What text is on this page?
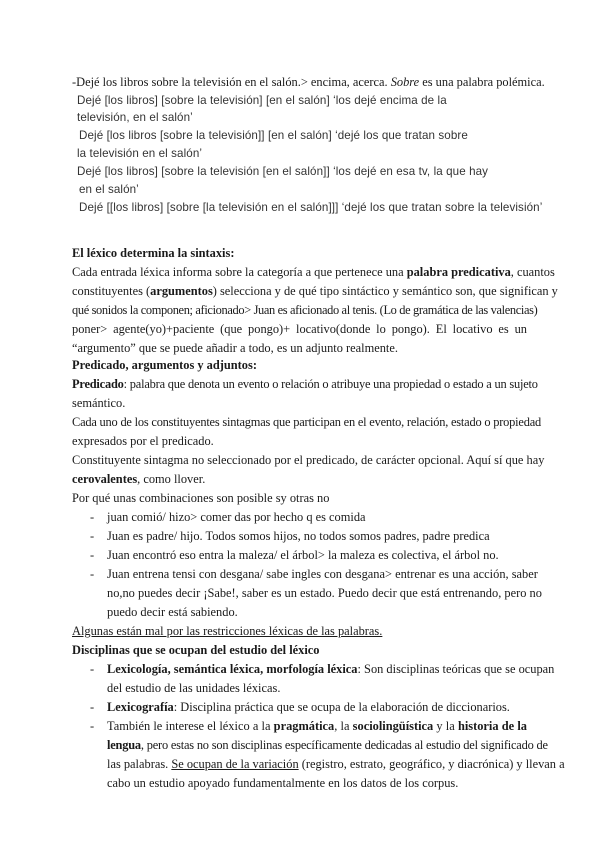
-Dejé los libros sobre la televisión en el salón.> encima, acerca. Sobre es una palabra polémica.
Dejé [los libros] [sobre la televisión] [en el salón] ‘los dejé encima de la
televisión, en el salón’
Dejé [los libros [sobre la televisión]] [en el salón] ‘dejé los que tratan sobre
la televisión en el salón’
Dejé [los libros] [sobre la televisión [en el salón]] ‘los dejé en esa tv, la que hay
en el salón’
Dejé [[los libros] [sobre [la televisión en el salón]]] ‘dejé los que tratan sobre la televisión’
El léxico determina la sintaxis:
Cada entrada léxica informa sobre la categoría a que pertenece una palabra predicativa, cuantos
constituyentes (argumentos) selecciona y de qué tipo sintáctico y semántico son, que significan y
qué sonidos la componen; aficionado> Juan es aficionado al tenis. (Lo de gramática de las valencias)
poner> agente(yo)+paciente (que pongo)+ locativo(donde lo pongo). El locativo es un
“argumento” que se puede añadir a todo, es un adjunto realmente.
Predicado, argumentos y adjuntos:
Predicado: palabra que denota un evento o relación o atribuye una propiedad o estado a un sujeto
semántico.
Cada uno de los constituyentes sintagmas que participan en el evento, relación, estado o propiedad
expresados por el predicado.
Constituyente sintagma no seleccionado por el predicado, de carácter opcional. Aquí sí que hay
cerovalentes, como llover.
Por qué unas combinaciones son posible sy otras no
- juan comió/ hizo> comer das por hecho q es comida
- Juan es padre/ hijo. Todos somos hijos, no todos somos padres, padre predica
- Juan encontró eso entra la maleza/ el árbol> la maleza es colectiva, el árbol no.
- Juan entrena tensi con desgana/ sabe ingles con desgana> entrenar es una acción, saber
no,no puedes decir ¡Sabe!, saber es un estado. Puedo decir que está entrenando, pero no
puedo decir está sabiendo.
Algunas están mal por las restricciones léxicas de las palabras.
Disciplinas que se ocupan del estudio del léxico
- Lexicología, semántica léxica, morfología léxica: Son disciplinas teóricas que se ocupan
del estudio de las unidades léxicas.
- Lexicografía: Disciplina práctica que se ocupa de la elaboración de diccionarios.
- También le interese el léxico a la pragmática, la sociolingüística y la historia de la
lengua, pero estas no son disciplinas específicamente dedicadas al estudio del significado de
las palabras. Se ocupan de la variación (registro, estrato, geográfico, y diacrónica) y llevan a
cabo un estudio apoyado fundamentalmente en los datos de los corpus.
